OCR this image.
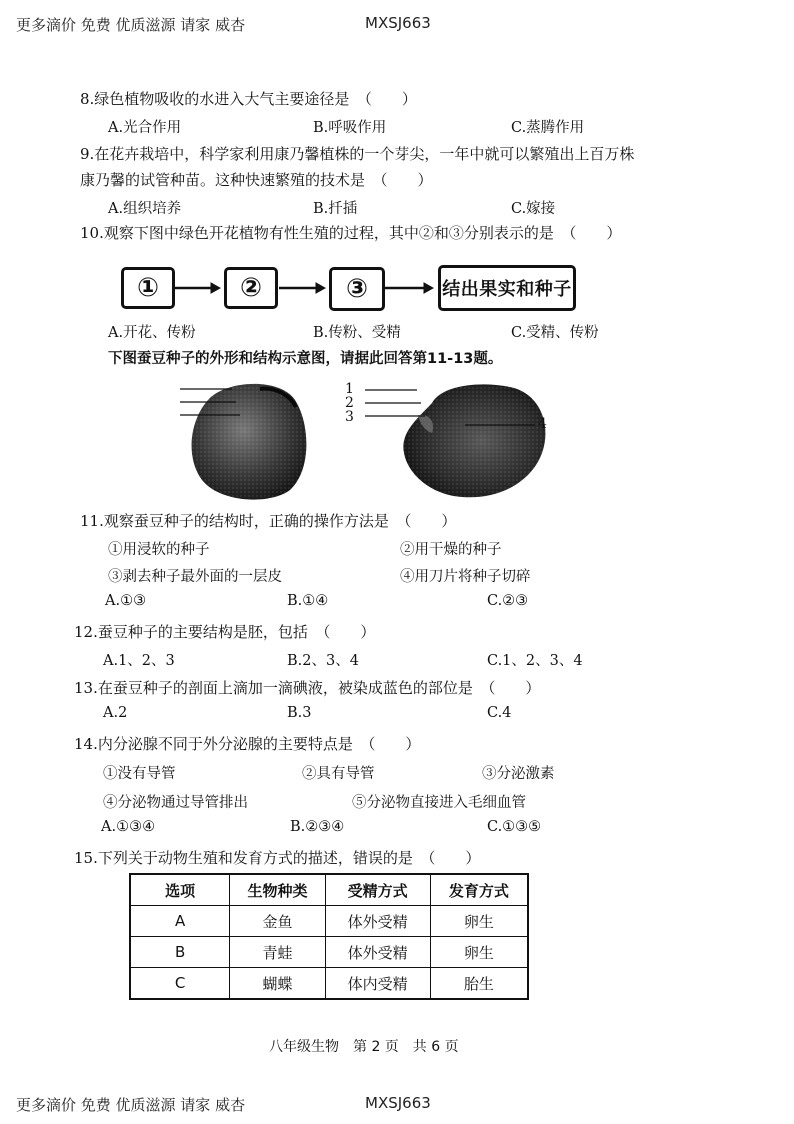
更多滴价 免费 优质滋源 请家 威杏	MXSJ663
8.绿色植物吸收的水进入大气主要途径是　（　　）
A.光合作用	B.呼吸作用	C.蒸腾作用
9.在花卉栽培中，科学家利用康乃馨植株的一个芽尖，一年中就可以繁殖出上百万株
康乃馨的试管种苗。这种快速繁殖的技术是　（　　）
A.组织培养	B.扦插	C.嫁接
10.观察下图中绿色开花植物有性生殖的过程，其中②和③分别表示的是　（　　）
①	②	③	结出果实和种子
A.开花、传粉	B.传粉、受精	C.受精、传粉
下图蚕豆种子的外形和结构示意图，请据此回答第11-13题。
1
2
3	4
11.观察蚕豆种子的结构时，正确的操作方法是　（　　）
①用浸软的种子	②用干燥的种子
③剥去种子最外面的一层皮	④用刀片将种子切碎
A.①③	B.①④	C.②③
12.蚕豆种子的主要结构是胚，包括　（　　）
A.1、2、3	B.2、3、4	C.1、2、3、4
13.在蚕豆种子的剖面上滴加一滴碘液，被染成蓝色的部位是　（　　）
A.2	B.3	C.4
14.内分泌腺不同于外分泌腺的主要特点是　（　　）
①没有导管	②具有导管	③分泌激素
④分泌物通过导管排出	⑤分泌物直接进入毛细血管
A.①③④	B.②③④	C.①③⑤
15.下列关于动物生殖和发育方式的描述，错误的是　（　　）
选项	生物种类	受精方式	发育方式
A	金鱼	体外受精	卵生
B	青蛙	体外受精	卵生
C	蝴蝶	体内受精	胎生
八年级生物　第 2 页　共 6 页
更多滴价 免费 优质滋源 请家 威杏	MXSJ663
